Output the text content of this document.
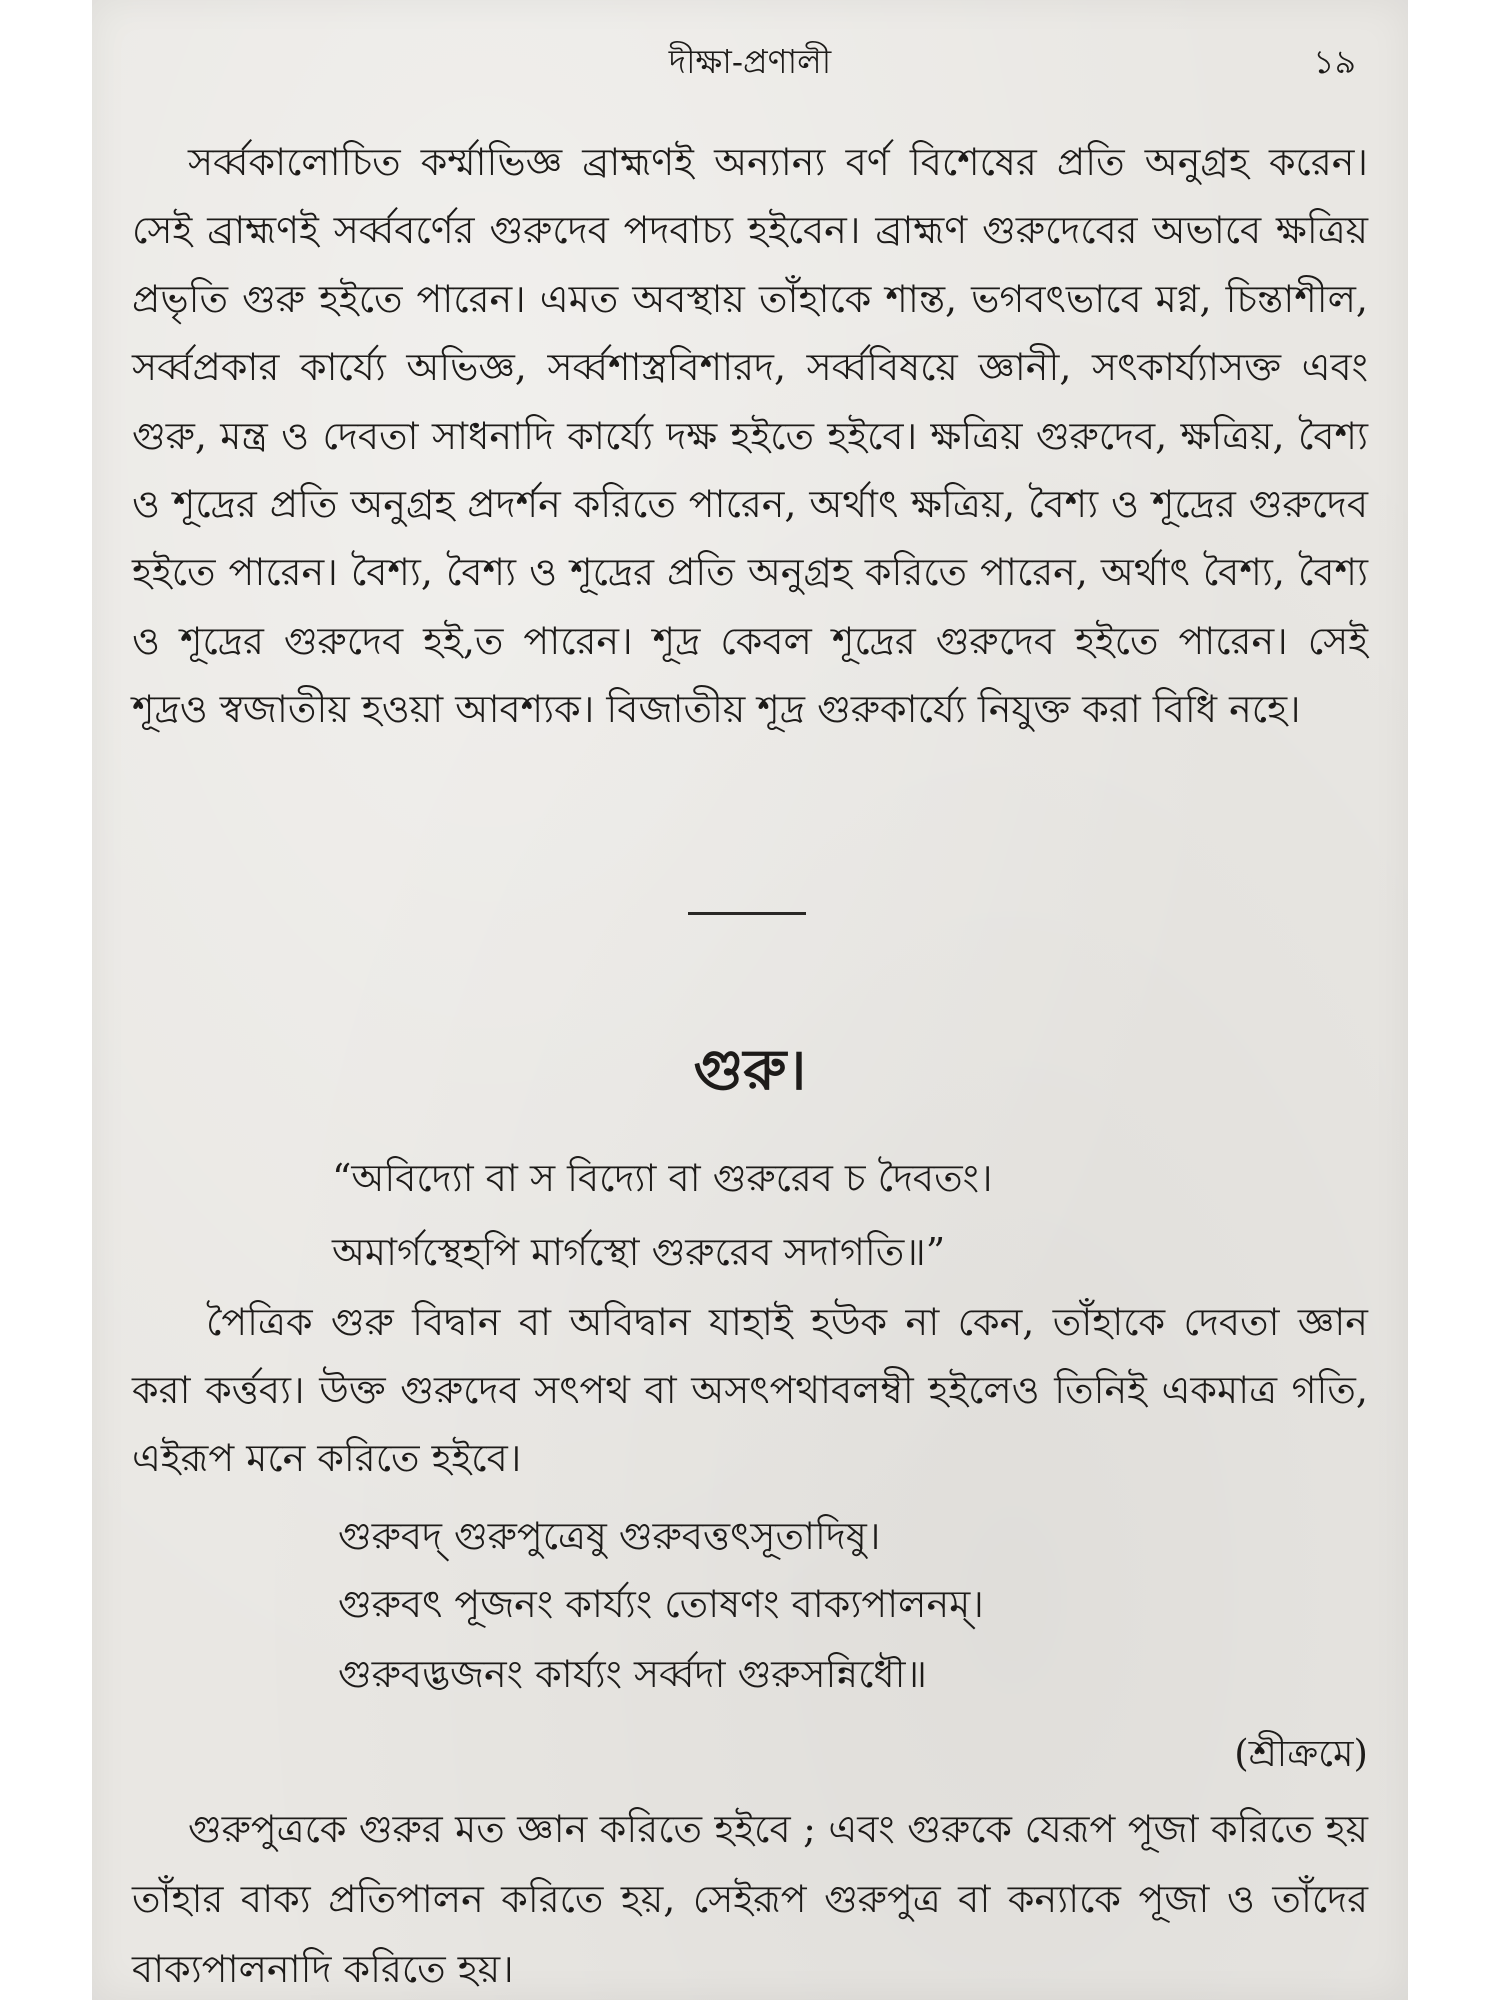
দীক্ষা-প্রণালী	১৯

সর্ব্বকালোচিত কর্ম্মাভিজ্ঞ ব্রাহ্মণই অন্যান্য বর্ণ বিশেষের প্রতি অনুগ্রহ করেন। সেই ব্রাহ্মণই সর্ব্ববর্ণের গুরুদেব পদবাচ্য হইবেন। ব্রাহ্মণ গুরুদেবের অভাবে ক্ষত্রিয় প্রভৃতি গুরু হইতে পারেন। এমত অবস্থায় তাঁহাকে শান্ত, ভগবৎভাবে মগ্ন, চিন্তাশীল, সর্ব্বপ্রকার কার্য্যে অভিজ্ঞ, সর্ব্বশাস্ত্রবিশারদ, সর্ব্ববিষয়ে জ্ঞানী, সৎকার্য্যাসক্ত এবং গুরু, মন্ত্র ও দেবতা সাধনাদি কার্য্যে দক্ষ হইতে হইবে। ক্ষত্রিয় গুরুদেব, ক্ষত্রিয়, বৈশ্য ও শূদ্রের প্রতি অনুগ্রহ প্রদর্শন করিতে পারেন, অর্থাৎ ক্ষত্রিয়, বৈশ্য ও শূদ্রের গুরুদেব হইতে পারেন। বৈশ্য, বৈশ্য ও শূদ্রের প্রতি অনুগ্রহ করিতে পারেন, অর্থাৎ বৈশ্য, বৈশ্য ও শূদ্রের গুরুদেব হই,ত পারেন। শূদ্র কেবল শূদ্রের গুরুদেব হইতে পারেন। সেই শূদ্রও স্বজাতীয় হওয়া আবশ্যক। বিজাতীয় শূদ্র গুরুকার্য্যে নিযুক্ত করা বিধি নহে।

গুরু।
“অবিদ্যো বা স বিদ্যো বা গুরুরেব চ দৈবতং।
অমার্গস্থেহপি মার্গস্থো গুরুরেব সদাগতি॥”

পৈত্রিক গুরু বিদ্বান বা অবিদ্বান যাহাই হউক না কেন, তাঁহাকে দেবতা জ্ঞান করা কর্ত্তব্য। উক্ত গুরুদেব সৎপথ বা অসৎপথাবলম্বী হইলেও তিনিই একমাত্র গতি, এইরূপ মনে করিতে হইবে।

গুরুবদ্ গুরুপুত্রেষু গুরুবত্তৎসূতাদিষু।
গুরুবৎ পূজনং কার্য্যং তোষণং বাক্যপালনম্।
গুরুবদ্ভজনং কার্য্যং সর্ব্বদা গুরুসন্নিধৌ॥
(শ্রীক্রমে)

গুরুপুত্রকে গুরুর মত জ্ঞান করিতে হইবে ; এবং গুরুকে যেরূপ পূজা করিতে হয় তাঁহার বাক্য প্রতিপালন করিতে হয়, সেইরূপ গুরুপুত্র বা কন্যাকে পূজা ও তাঁদের বাক্যপালনাদি করিতে হয়।
